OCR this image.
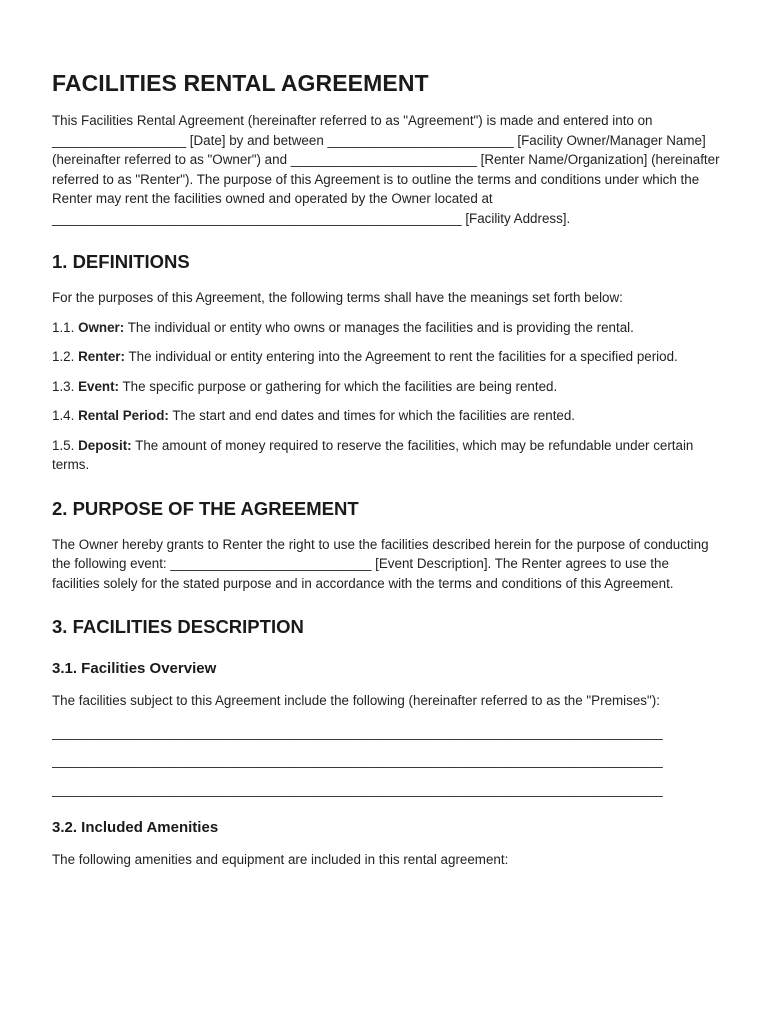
FACILITIES RENTAL AGREEMENT

This Facilities Rental Agreement (hereinafter referred to as "Agreement") is made and entered into on __________________ [Date] by and between _________________________ [Facility Owner/Manager Name] (hereinafter referred to as "Owner") and _________________________ [Renter Name/Organization] (hereinafter referred to as "Renter"). The purpose of this Agreement is to outline the terms and conditions under which the Renter may rent the facilities owned and operated by the Owner located at _______________________________________________________ [Facility Address].

1. DEFINITIONS

For the purposes of this Agreement, the following terms shall have the meanings set forth below:

1.1. Owner: The individual or entity who owns or manages the facilities and is providing the rental.

1.2. Renter: The individual or entity entering into the Agreement to rent the facilities for a specified period.

1.3. Event: The specific purpose or gathering for which the facilities are being rented.

1.4. Rental Period: The start and end dates and times for which the facilities are rented.

1.5. Deposit: The amount of money required to reserve the facilities, which may be refundable under certain terms.

2. PURPOSE OF THE AGREEMENT

The Owner hereby grants to Renter the right to use the facilities described herein for the purpose of conducting the following event: ___________________________ [Event Description]. The Renter agrees to use the facilities solely for the stated purpose and in accordance with the terms and conditions of this Agreement.

3. FACILITIES DESCRIPTION
3.1. Facilities Overview

The facilities subject to this Agreement include the following (hereinafter referred to as the "Premises"):

__________________________________________________________________________________
__________________________________________________________________________________
__________________________________________________________________________________
3.2. Included Amenities

The following amenities and equipment are included in this rental agreement:
